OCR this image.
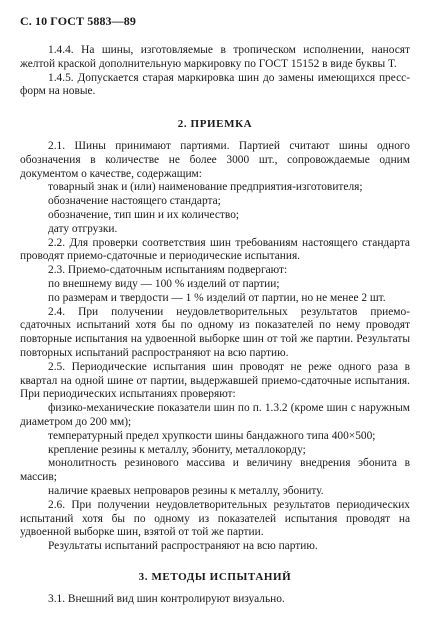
С. 10 ГОСТ 5883—89

1.4.4. На шины, изготовляемые в тропическом исполнении, наносят желтой краской дополнительную маркировку по ГОСТ 15152 в виде буквы Т.

1.4.5. Допускается старая маркировка шин до замены имеющихся пресс-форм на новые.

2. ПРИЕМКА

2.1. Шины принимают партиями. Партией считают шины одного обозначения в количестве не более 3000 шт., сопровождаемые одним документом о качестве, содержащим:

товарный знак и (или) наименование предприятия-изготовителя;

обозначение настоящего стандарта;

обозначение, тип шин и их количество;

дату отгрузки.

2.2. Для проверки соответствия шин требованиям настоящего стандарта проводят приемо-сдаточные и периодические испытания.

2.3. Приемо-сдаточным испытаниям подвергают:

по внешнему виду — 100 % изделий от партии;

по размерам и твердости — 1 % изделий от партии, но не менее 2 шт.

2.4. При получении неудовлетворительных результатов приемо-сдаточных испытаний хотя бы по одному из показателей по нему проводят повторные испытания на удвоенной выборке шин от той же партии. Результаты повторных испытаний распространяют на всю партию.

2.5. Периодические испытания шин проводят не реже одного раза в квартал на одной шине от партии, выдержавшей приемо-сдаточные испытания. При периодических испытаниях проверяют:

физико-механические показатели шин по п. 1.3.2 (кроме шин с наружным диаметром до 200 мм);

температурный предел хрупкости шины бандажного типа 400×500;

крепление резины к металлу, эбониту, металлокорду;

монолитность резинового массива и величину внедрения эбонита в массив;

наличие краевых непроваров резины к металлу, эбониту.

2.6. При получении неудовлетворительных результатов периодических испытаний хотя бы по одному из показателей испытания проводят на удвоенной выборке шин, взятой от той же партии.

Результаты испытаний распространяют на всю партию.

3. МЕТОДЫ ИСПЫТАНИЙ

3.1. Внешний вид шин контролируют визуально.
